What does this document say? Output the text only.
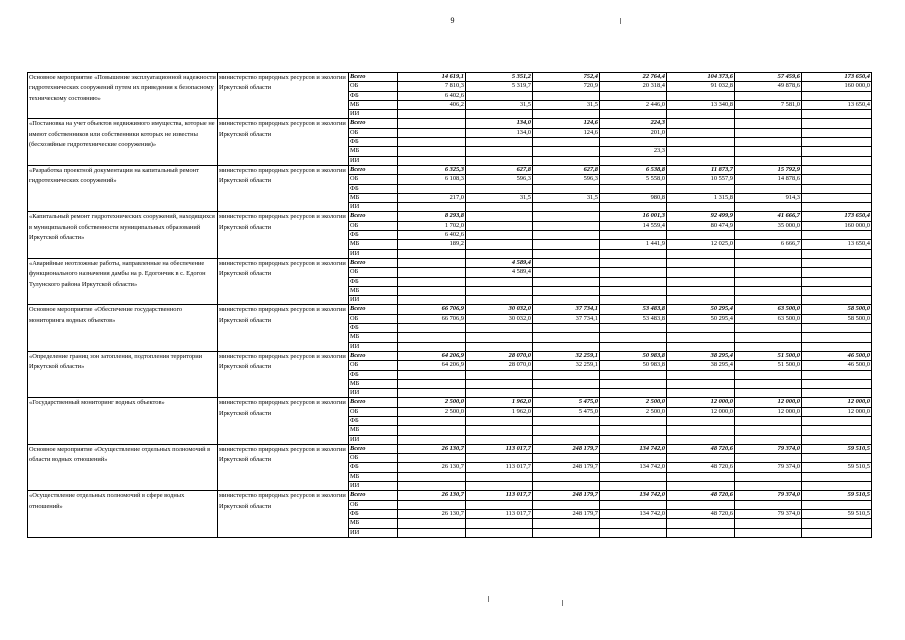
9
Основное мероприятие «Повышение эксплуатационной надежности гидротехнических сооружений путем их приведения к безопасному техническому состоянию»	министерство природных ресурсов и экологии Иркутской области	Всего	14 619,1	5 351,2	752,4	22 764,4	104 373,6	57 459,6	173 650,4
		ОБ	7 810,3	5 319,7	720,9	20 318,4	91 032,8	49 878,6	160 000,0
		ФБ	6 402,6						
		МБ	406,2	31,5	31,5	2 446,0	13 340,8	7 581,0	13 650,4
		ИИ							
«Постановка на учет объектов недвижимого имущества, которые не имеют собственников или собственники которых не известны (бесхозяйные гидротехнические сооружения)»	министерство природных ресурсов и экологии Иркутской области	Всего		134,0	124,6	224,3			
		ОБ		134,0	124,6	201,0			
		ФБ							
		МБ				23,3			
		ИИ							
«Разработка проектной документации на капитальный ремонт гидротехнических сооружений»	министерство природных ресурсов и экологии Иркутской области	Всего	6 325,3	627,8	627,8	6 538,8	11 873,7	15 792,9	
		ОБ	6 108,3	596,3	596,3	5 558,0	10 557,9	14 878,6	
		ФБ							
		МБ	217,0	31,5	31,5	980,8	1 315,8	914,3	
		ИИ							
«Капитальный ремонт гидротехнических сооружений, находящихся в муниципальной собственности муниципальных образований Иркутской области»	министерство природных ресурсов и экологии Иркутской области	Всего	8 293,8			16 001,3	92 499,9	41 666,7	173 650,4
		ОБ	1 702,0			14 559,4	80 474,9	35 000,0	160 000,0
		ФБ	6 402,6						
		МБ	189,2			1 441,9	12 025,0	6 666,7	13 650,4
		ИИ							
«Аварийные неотложные работы, направленные на обеспечение функционального назначения дамбы на р. Едогончик в с. Едогон Тулунского района Иркутской области»	министерство природных ресурсов и экологии Иркутской области	Всего		4 589,4					
		ОБ		4 589,4					
		ФБ							
		МБ							
		ИИ							
Основное мероприятие «Обеспечение государственного мониторинга водных объектов»	министерство природных ресурсов и экологии Иркутской области	Всего	66 706,9	30 032,0	37 734,1	53 483,8	50 295,4	63 500,0	58 500,0
		ОБ	66 706,9	30 032,0	37 734,1	53 483,8	50 295,4	63 500,0	58 500,0
		ФБ							
		МБ							
		ИИ							
«Определение границ зон затопления, подтопления территории Иркутской области»	министерство природных ресурсов и экологии Иркутской области	Всего	64 206,9	28 070,0	32 259,1	50 983,8	38 295,4	51 500,0	46 500,0
		ОБ	64 206,9	28 070,0	32 259,1	50 983,8	38 295,4	51 500,0	46 500,0
		ФБ							
		МБ							
		ИИ							
«Государственный мониторинг водных объектов»	министерство природных ресурсов и экологии Иркутской области	Всего	2 500,0	1 962,0	5 475,0	2 500,0	12 000,0	12 000,0	12 000,0
		ОБ	2 500,0	1 962,0	5 475,0	2 500,0	12 000,0	12 000,0	12 000,0
		ФБ							
		МБ							
		ИИ							
Основное мероприятие «Осуществление отдельных полномочий в области водных отношений»	министерство природных ресурсов и экологии Иркутской области	Всего	26 130,7	113 017,7	248 179,7	134 742,0	48 720,6	79 374,0	59 510,5
		ОБ							
		ФБ	26 130,7	113 017,7	248 179,7	134 742,0	48 720,6	79 374,0	59 510,5
		МБ							
		ИИ							
«Осуществление отдельных полномочий в сфере водных отношений»	министерство природных ресурсов и экологии Иркутской области	Всего	26 130,7	113 017,7	248 179,7	134 742,0	48 720,6	79 374,0	59 510,5
		ОБ							
		ФБ	26 130,7	113 017,7	248 179,7	134 742,0	48 720,6	79 374,0	59 510,5
		МБ							
		ИИ							
